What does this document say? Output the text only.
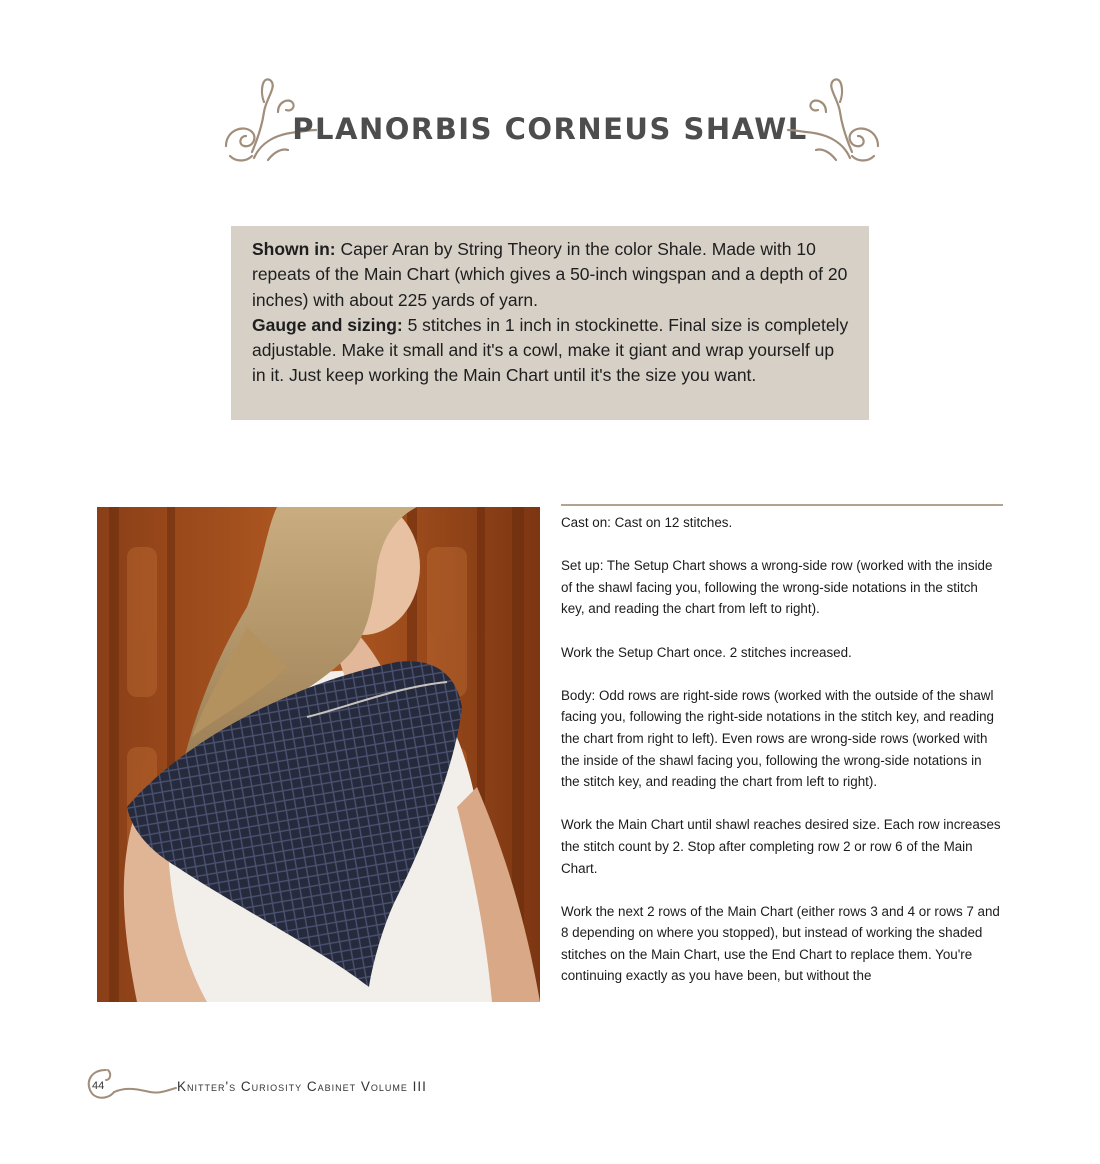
PLANORBIS CORNEUS SHAWL

Shown in: Caper Aran by String Theory in the color Shale. Made with 10 repeats of the Main Chart (which gives a 50-inch wingspan and a depth of 20 inches) with about 225 yards of yarn.

Gauge and sizing: 5 stitches in 1 inch in stockinette. Final size is completely adjustable. Make it small and it's a cowl, make it giant and wrap yourself up in it. Just keep working the Main Chart until it's the size you want.

Cast on: Cast on 12 stitches.

Set up: The Setup Chart shows a wrong-side row (worked with the inside of the shawl facing you, following the wrong-side notations in the stitch key, and reading the chart from left to right).

Work the Setup Chart once. 2 stitches increased.

Body: Odd rows are right-side rows (worked with the outside of the shawl facing you, following the right-side notations in the stitch key, and reading the chart from right to left). Even rows are wrong-side rows (worked with the inside of the shawl facing you, following the wrong-side notations in the stitch key, and reading the chart from left to right).

Work the Main Chart until shawl reaches desired size. Each row increases the stitch count by 2. Stop after completing row 2 or row 6 of the Main Chart.

Work the next 2 rows of the Main Chart (either rows 3 and 4 or rows 7 and 8 depending on where you stopped), but instead of working the shaded stitches on the Main Chart, use the End Chart to replace them. You're continuing exactly as you have been, but without the

44	Knitter's Curiosity Cabinet Volume III
